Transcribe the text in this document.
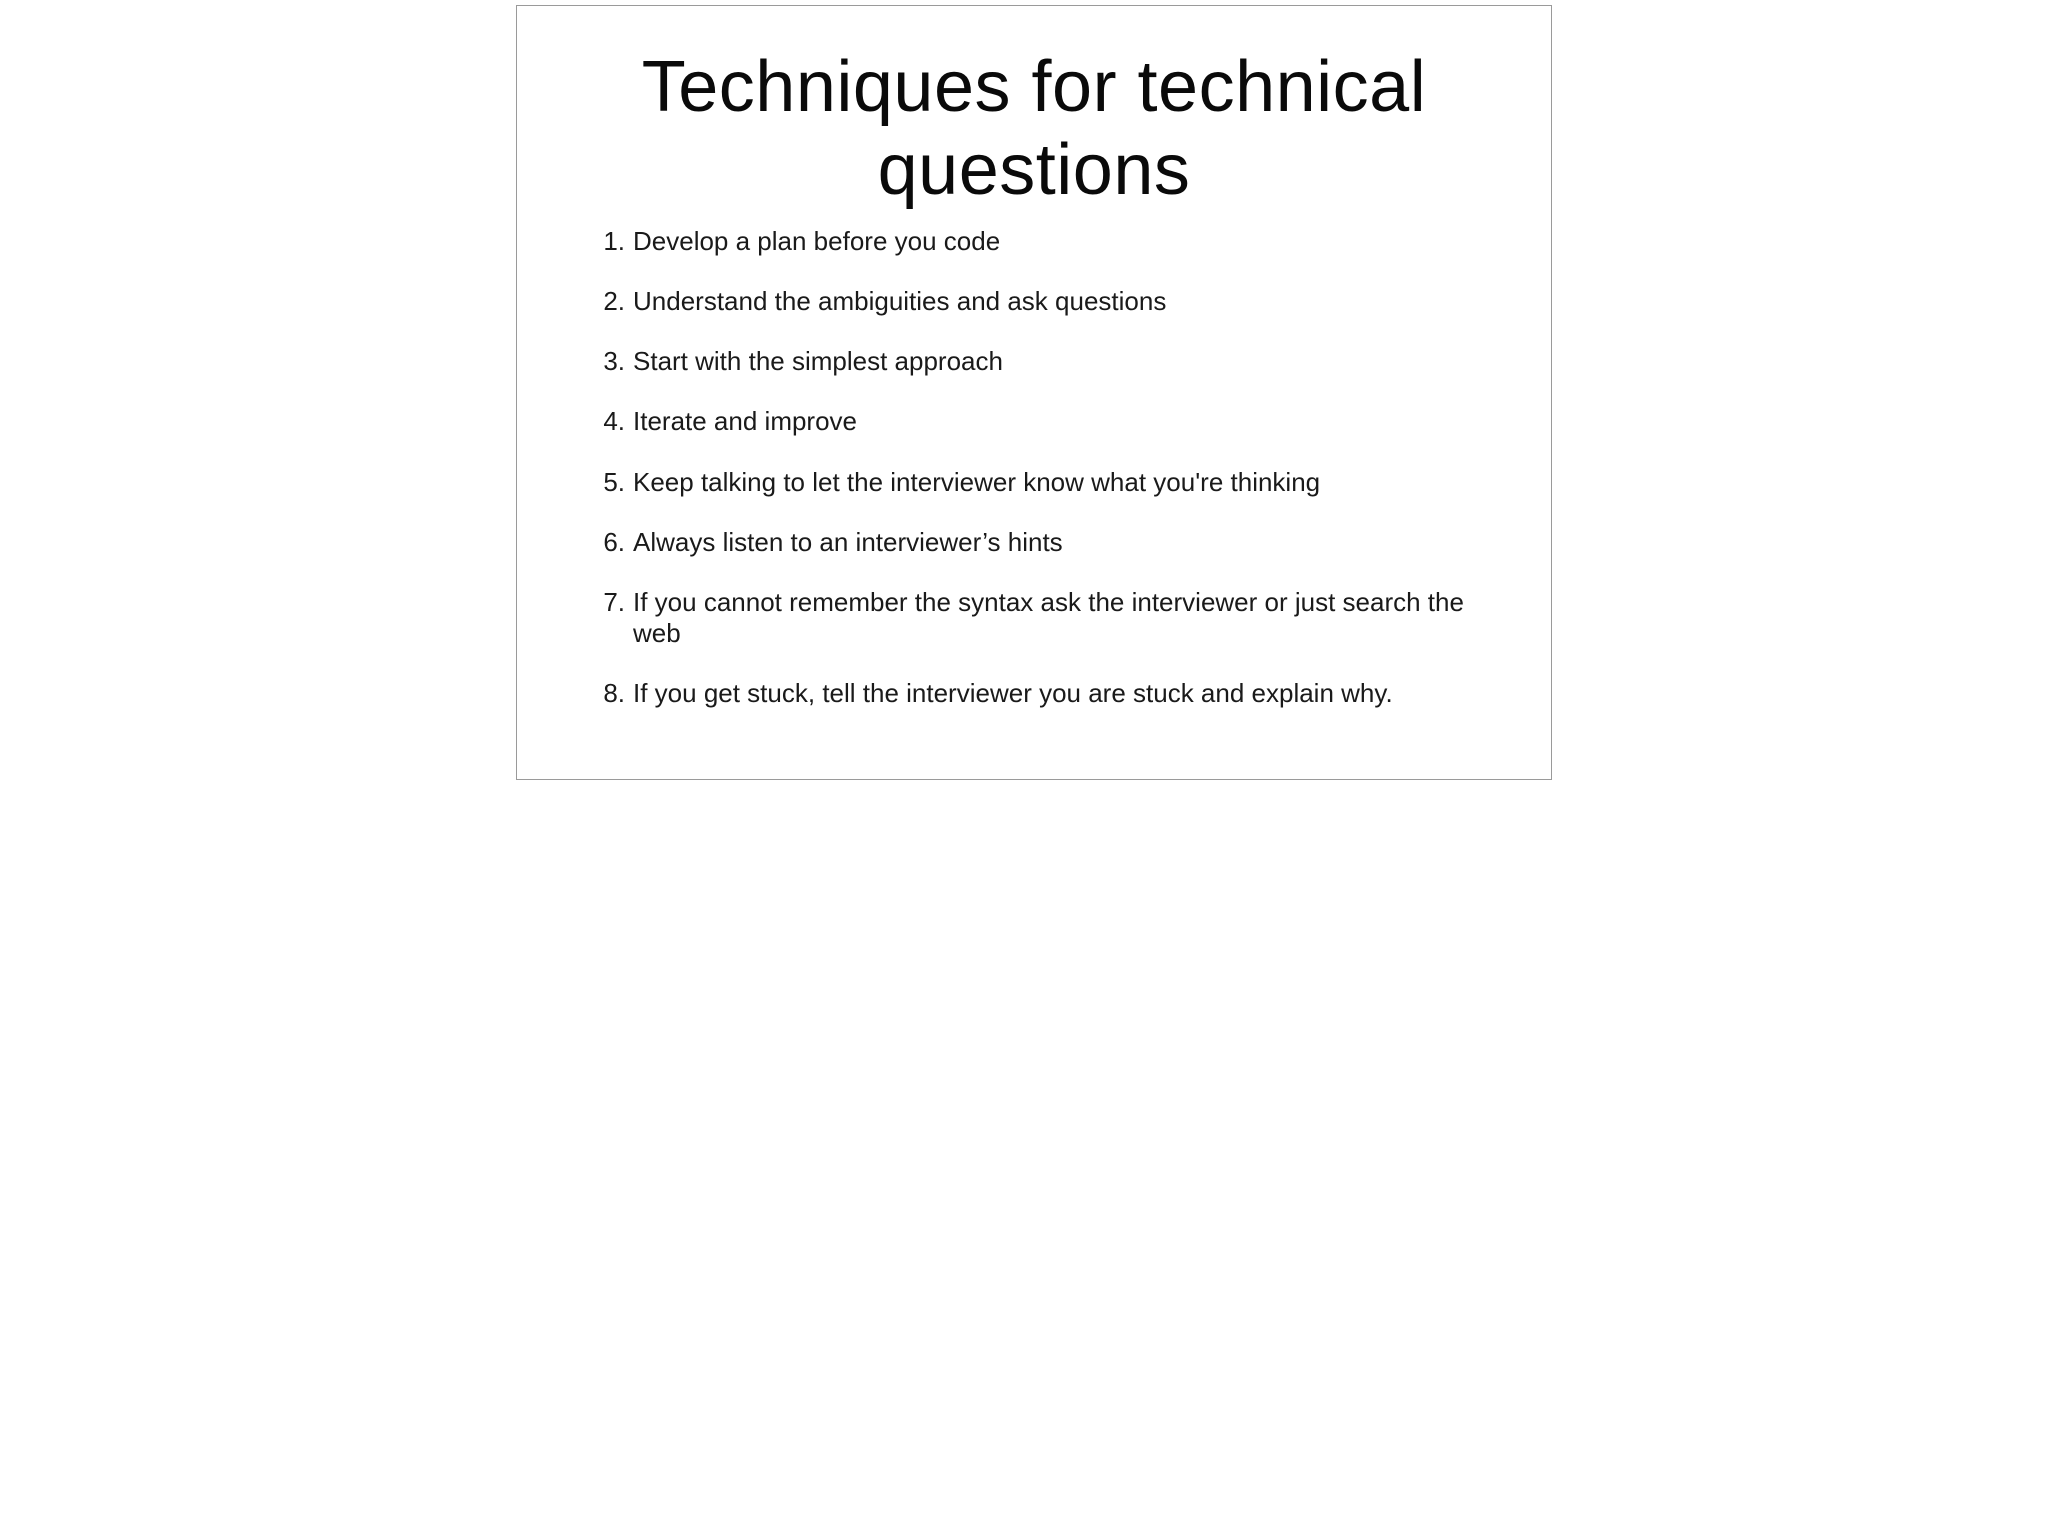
Techniques for technical questions
1. Develop a plan before you code
2. Understand the ambiguities and ask questions
3. Start with the simplest approach
4. Iterate and improve
5. Keep talking to let the interviewer know what you're thinking
6. Always listen to an interviewer’s hints
7. If you cannot remember the syntax ask the interviewer or just search the web
8. If you get stuck, tell the interviewer you are stuck and explain why.
